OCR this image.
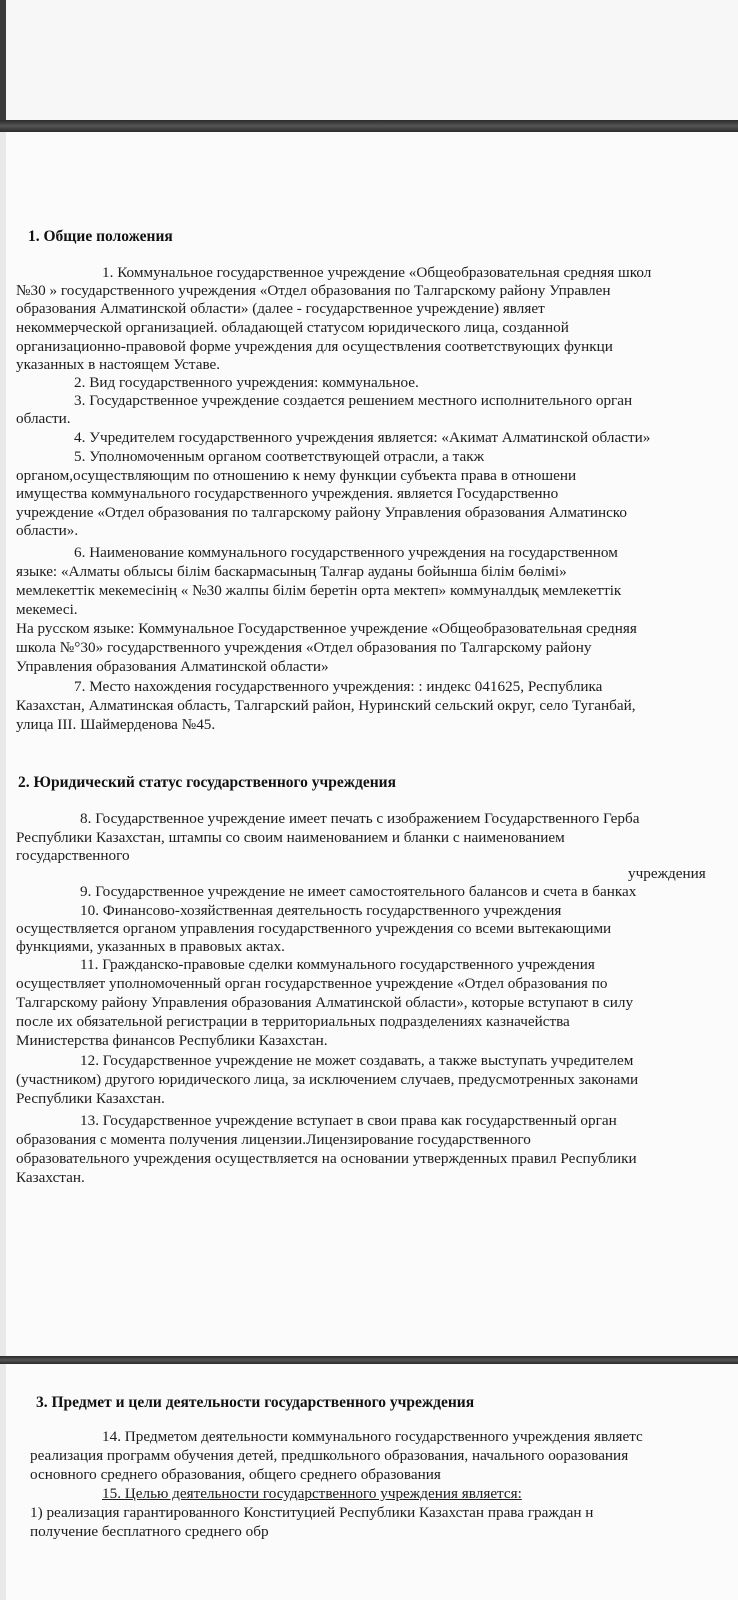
1. Общие положения
1. Коммунальное государственное учреждение «Общеобразовательная средняя школ
№30 » государственного учреждения «Отдел образования по Талгарскому району Управлен
образования Алматинской области» (далее - государственное учреждение) являет
некоммерческой организацией. обладающей статусом юридического лица, созданной
организационно-правовой форме учреждения для осуществления соответствующих функци
указанных в настоящем Уставе.
2. Вид государственного учреждения: коммунальное.
3. Государственное учреждение создается решением местного исполнительного орган
области.
4. Учредителем государственного учреждения является: «Акимат Алматинской области»
5. Уполномоченным органом соответствующей отрасли, а такж
органом,осуществляющим по отношению к нему функции субъекта права в отношени
имущества коммунального государственного учреждения. является Государственно
учреждение «Отдел образования по талгарскому району Управления образования Алматинско
области».
6. Наименование коммунального государственного учреждения на государственном
языке: «Алматы облысы білім баскармасының Талғар ауданы бойынша білім бөлімі»
мемлекеттік мекемесінің « №30 жалпы білім беретін орта мектеп» коммуналдық мемлекеттік
мекемесі.
На русском языке: Коммунальное Государственное учреждение «Общеобразовательная средняя
школа №°30» государственного учреждения «Отдел образования по Талгарскому району
Управления образования Алматинской области»
7. Место нахождения государственного учреждения: : индекс 041625, Республика
Казахстан, Алматинская область, Талгарский район, Нуринский сельский округ, село Туганбай,
улица III. Шаймерденова №45.
2. Юридический статус государственного учреждения
8. Государственное учреждение имеет печать с изображением Государственного Герба
Республики Казахстан, штампы со своим наименованием и бланки с наименованием
государственного
учреждения
9. Государственное учреждение не имеет самостоятельного балансов и счета в банках
10. Финансово-хозяйственная деятельность государственного учреждения
осуществляется органом управления государственного учреждения со всеми вытекающими
функциями, указанных в правовых актах.
11. Гражданско-правовые сделки коммунального государственного учреждения
осуществляет уполномоченный орган государственное учреждение «Отдел образования по
Талгарскому району Управления образования Алматинской области», которые вступают в силу
после их обязательной регистрации в территориальных подразделениях казначейства
Министерства финансов Республики Казахстан.
12. Государственное учреждение не может создавать, а также выступать учредителем
(участником) другого юридического лица, за исключением случаев, предусмотренных законами
Республики Казахстан.
13. Государственное учреждение вступает в свои права как государственный орган
образования с момента получения лицензии.Лицензирование государственного
образовательного учреждения осуществляется на основании утвержденных правил Республики
Казахстан.
3. Предмет и цели деятельности государственного учреждения
14. Предметом деятельности коммунального государственного учреждения являетс
реализация программ обучения детей, предшкольного образования, начального ооразования
основного среднего образования, общего среднего образования
15. Целью деятельности государственного учреждения является:
1) реализация гарантированного Конституцией Республики Казахстан права граждан н
получение бесплатного среднего обр
